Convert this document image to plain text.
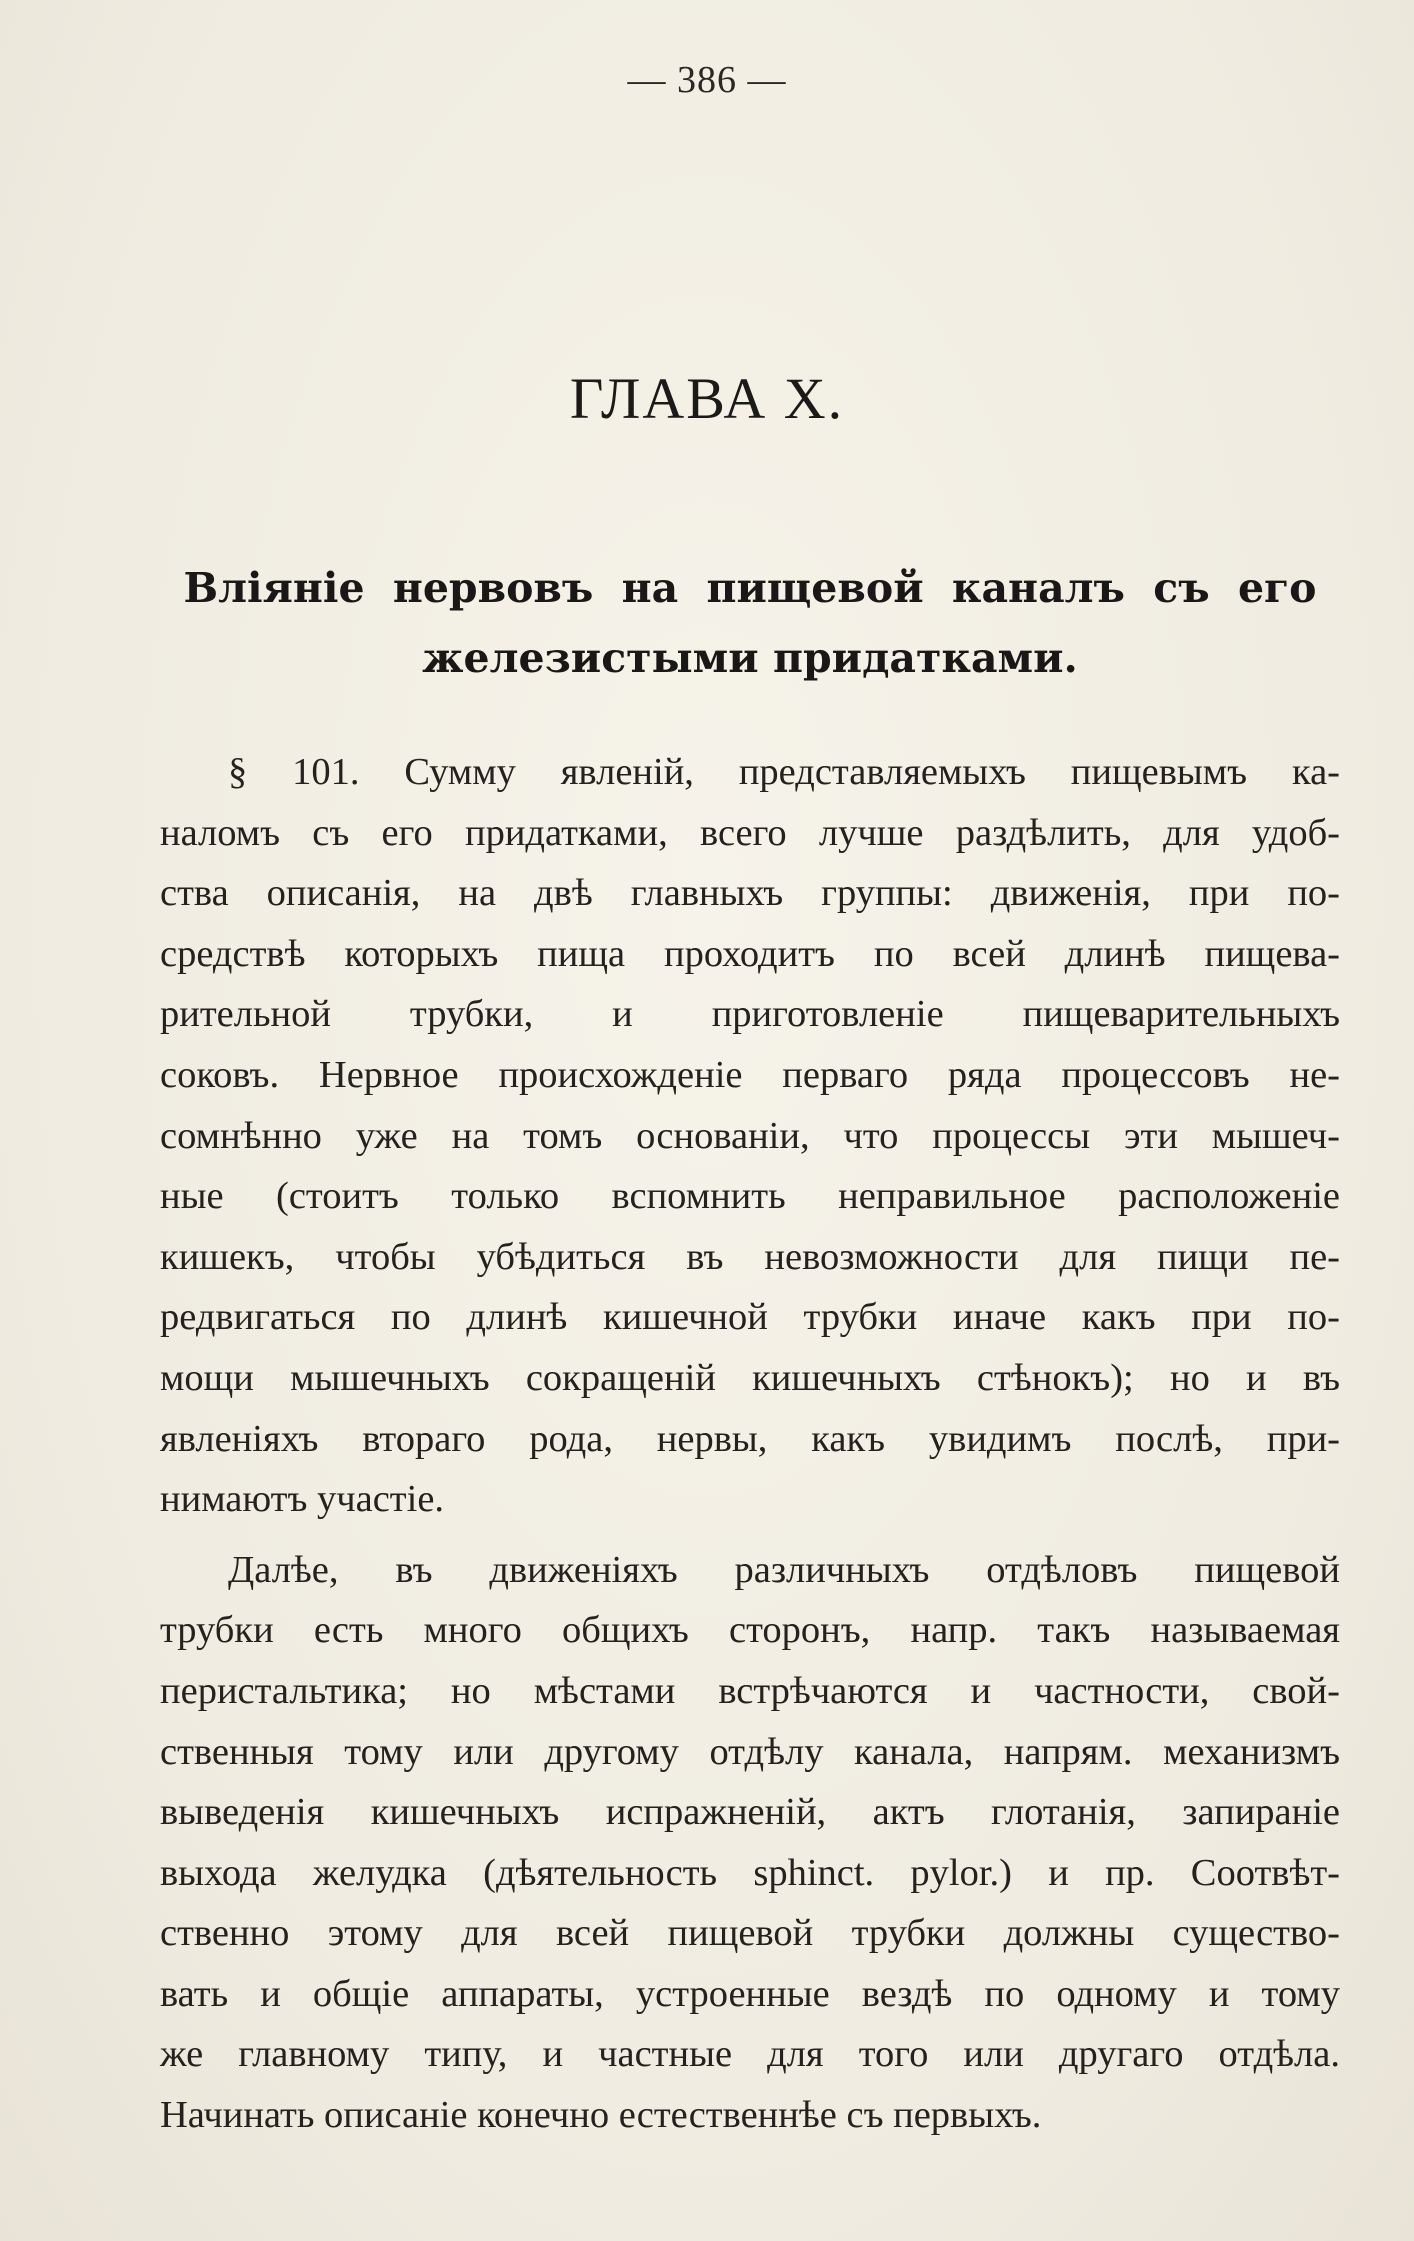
— 386 —
ГЛАВА X.
Влiянiе нервовъ на пищевой каналъ съ его
железистыми придатками.
§ 101. Сумму явленiй, представляемыхъ пищевымъ ка-
наломъ съ его придатками, всего лучше раздѣлить, для удоб-
ства описанiя, на двѣ главныхъ группы: движенiя, при по-
средствѣ которыхъ пища проходитъ по всей длинѣ пищева-
рительной трубки, и приготовленiе пищеварительныхъ
соковъ. Нервное происхожденiе перваго ряда процессовъ не-
сомнѣнно уже на томъ основанiи, что процессы эти мышеч-
ные (стоитъ только вспомнить неправильное расположенiе
кишекъ, чтобы убѣдиться въ невозможности для пищи пе-
редвигаться по длинѣ кишечной трубки иначе какъ при по-
мощи мышечныхъ сокращенiй кишечныхъ стѣнокъ); но и въ
явленiяхъ втораго рода, нервы, какъ увидимъ послѣ, при-
нимаютъ участiе.
Далѣе, въ движенiяхъ различныхъ отдѣловъ пищевой
трубки есть много общихъ сторонъ, напр. такъ называемая
перистальтика; но мѣстами встрѣчаются и частности, свой-
ственныя тому или другому отдѣлу канала, напрям. механизмъ
выведенiя кишечныхъ испражненiй, актъ глотанiя, запиранiе
выхода желудка (дѣятельность sphinct. pylor.) и пр. Соотвѣт-
ственно этому для всей пищевой трубки должны существо-
вать и общiе аппараты, устроенные вездѣ по одному и тому
же главному типу, и частные для того или другаго отдѣла.
Начинать описанiе конечно естественнѣе съ первыхъ.
